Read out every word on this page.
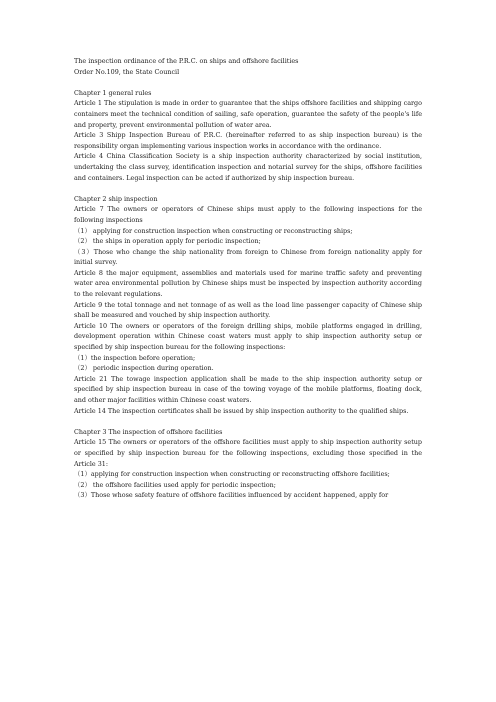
The inspection ordinance of the P.R.C. on ships and offshore facilities

Order No.109, the State Council

Chapter 1 general rules

Article 1 The stipulation is made in order to guarantee that the ships offshore facilities and shipping cargo containers meet the technical condition of sailing, safe operation, guarantee the safety of the people's life and property, prevent environmental pollution of water area.

Article 3 Shipp Inspection Bureau of P.R.C. (hereinafter referred to as ship inspection bureau) is the responsibility organ implementing various inspection works in accordance with the ordinance.

Article 4 China Classification Society is a ship inspection authority characterized by social institution, undertaking the class survey, identification inspection and notarial survey for the ships, offshore facilities and containers. Legal inspection can be acted if authorized by ship inspection bureau.

Chapter 2 ship inspection

Article 7 The owners or operators of Chinese ships must apply to the following inspections for the following inspections

（1） applying for construction inspection when constructing or reconstructing ships;

（2） the ships in operation apply for periodic inspection;

（3）Those who change the ship nationality from foreign to Chinese from foreign nationality apply for initial survey.

Article 8 the major equipment, assemblies and materials used for marine traffic safety and preventing water area environmental pollution by Chinese ships must be inspected by inspection authority according to the relevant regulations.

Article 9 the total tonnage and net tonnage of as well as the load line passenger capacity of Chinese ship shall be measured and vouched by ship inspection authority.

Article 10 The owners or operators of the foreign drilling ships, mobile platforms engaged in drilling, development operation within Chinese coast waters must apply to ship inspection authority setup or specified by ship inspection bureau for the following inspections:

（1）the inspection before operation;

（2） periodic inspection during operation.

Article 21 The towage inspection application shall be made to the ship inspection authority setup or specified by ship inspection bureau in case of the towing voyage of the mobile platforms, floating dock, and other major facilities within Chinese coast waters.

Article 14 The inspection certificates shall be issued by ship inspection authority to the qualified ships.

Chapter 3 The inspection of offshore facilities

Article 15 The owners or operators of the offshore facilities must apply to ship inspection authority setup or specified by ship inspection bureau for the following inspections, excluding those specified in the Article 31:

（1）applying for construction inspection when constructing or reconstructing offshore facilities;

（2） the offshore facilities used apply for periodic inspection;

（3）Those whose safety feature of offshore facilities influenced by accident happened, apply for
